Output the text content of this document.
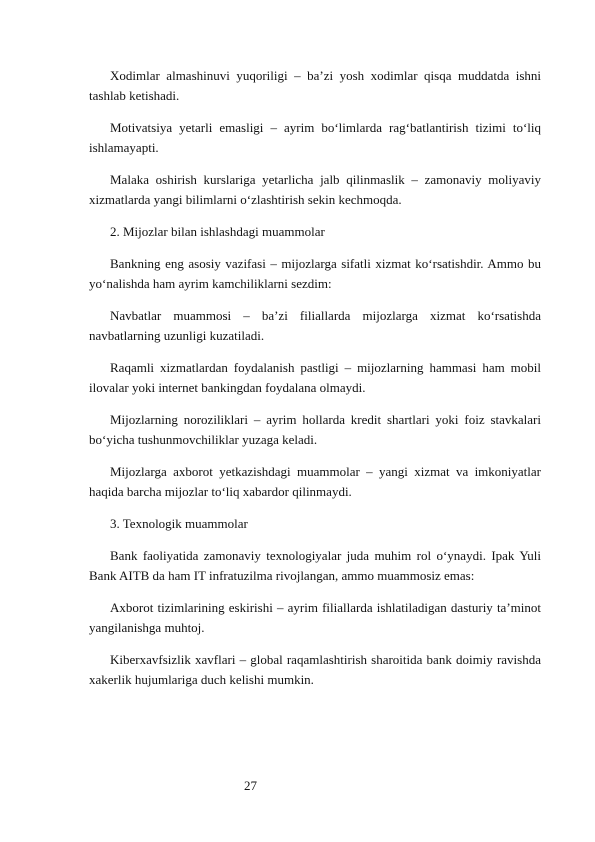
Xodimlar almashinuvi yuqoriligi – ba’zi yosh xodimlar qisqa muddatda ishni tashlab ketishadi.

Motivatsiya yetarli emasligi – ayrim bo‘limlarda rag‘batlantirish tizimi to‘liq ishlamayapti.

Malaka oshirish kurslariga yetarlicha jalb qilinmaslik – zamonaviy moliyaviy xizmatlarda yangi bilimlarni o‘zlashtirish sekin kechmoqda.

2. Mijozlar bilan ishlashdagi muammolar

Bankning eng asosiy vazifasi – mijozlarga sifatli xizmat ko‘rsatishdir. Ammo bu yo‘nalishda ham ayrim kamchiliklarni sezdim:

Navbatlar muammosi – ba’zi filiallarda mijozlarga xizmat ko‘rsatishda navbatlarning uzunligi kuzatiladi.

Raqamli xizmatlardan foydalanish pastligi – mijozlarning hammasi ham mobil ilovalar yoki internet bankingdan foydalana olmaydi.

Mijozlarning noroziliklari – ayrim hollarda kredit shartlari yoki foiz stavkalari bo‘yicha tushunmovchiliklar yuzaga keladi.

Mijozlarga axborot yetkazishdagi muammolar – yangi xizmat va imkoniyatlar haqida barcha mijozlar to‘liq xabardor qilinmaydi.

3. Texnologik muammolar

Bank faoliyatida zamonaviy texnologiyalar juda muhim rol o‘ynaydi. Ipak Yuli Bank AITB da ham IT infratuzilma rivojlangan, ammo muammosiz emas:

Axborot tizimlarining eskirishi – ayrim filiallarda ishlatiladigan dasturiy ta’minot yangilanishga muhtoj.

Kiberxavfsizlik xavflari – global raqamlashtirish sharoitida bank doimiy ravishda xakerlik hujumlariga duch kelishi mumkin.

27
